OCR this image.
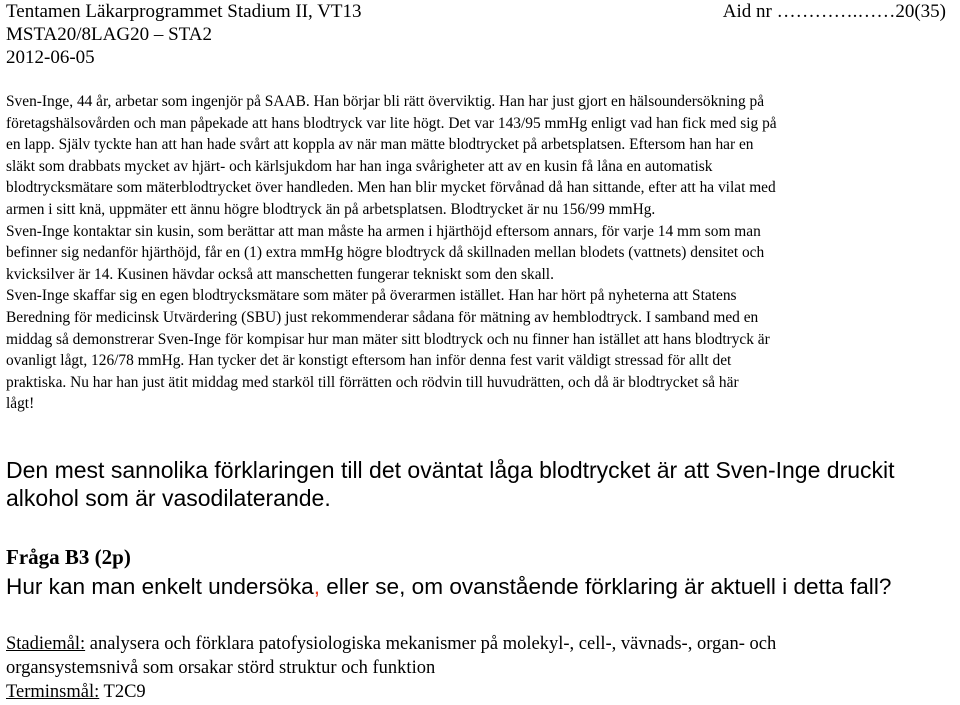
Tentamen Läkarprogrammet Stadium II, VT13	Aid nr ………….……20(35)
MSTA20/8LAG20 – STA2
2012-06-05
Sven-Inge, 44 år, arbetar som ingenjör på SAAB. Han börjar bli rätt överviktig. Han har just gjort en hälsoundersökning på
företagshälsovården och man påpekade att hans blodtryck var lite högt. Det var 143/95 mmHg enligt vad han fick med sig på
en lapp. Själv tyckte han att han hade svårt att koppla av när man mätte blodtrycket på arbetsplatsen. Eftersom han har en
släkt som drabbats mycket av hjärt- och kärlsjukdom har han inga svårigheter att av en kusin få låna en automatisk
blodtrycksmätare som mäterblodtrycket över handleden. Men han blir mycket förvånad då han sittande, efter att ha vilat med
armen i sitt knä, uppmäter ett ännu högre blodtryck än på arbetsplatsen. Blodtrycket är nu 156/99 mmHg.
Sven-Inge kontaktar sin kusin, som berättar att man måste ha armen i hjärthöjd eftersom annars, för varje 14 mm som man
befinner sig nedanför hjärthöjd, får en (1) extra mmHg högre blodtryck då skillnaden mellan blodets (vattnets) densitet och
kvicksilver är 14. Kusinen hävdar också att manschetten fungerar tekniskt som den skall.
Sven-Inge skaffar sig en egen blodtrycksmätare som mäter på överarmen istället. Han har hört på nyheterna att Statens
Beredning för medicinsk Utvärdering (SBU) just rekommenderar sådana för mätning av hemblodtryck. I samband med en
middag så demonstrerar Sven-Inge för kompisar hur man mäter sitt blodtryck och nu finner han istället att hans blodtryck är
ovanligt lågt, 126/78 mmHg. Han tycker det är konstigt eftersom han inför denna fest varit väldigt stressad för allt det
praktiska. Nu har han just ätit middag med starköl till förrätten och rödvin till huvudrätten, och då är blodtrycket så här
lågt!
Den mest sannolika förklaringen till det oväntat låga blodtrycket är att Sven-Inge druckit
alkohol som är vasodilaterande.
Fråga B3 (2p)
Hur kan man enkelt undersöka, eller se, om ovanstående förklaring är aktuell i detta fall?
Stadiemål: analysera och förklara patofysiologiska mekanismer på molekyl-, cell-, vävnads-, organ- och
organsystemsnivå som orsakar störd struktur och funktion
Terminsmål: T2C9
